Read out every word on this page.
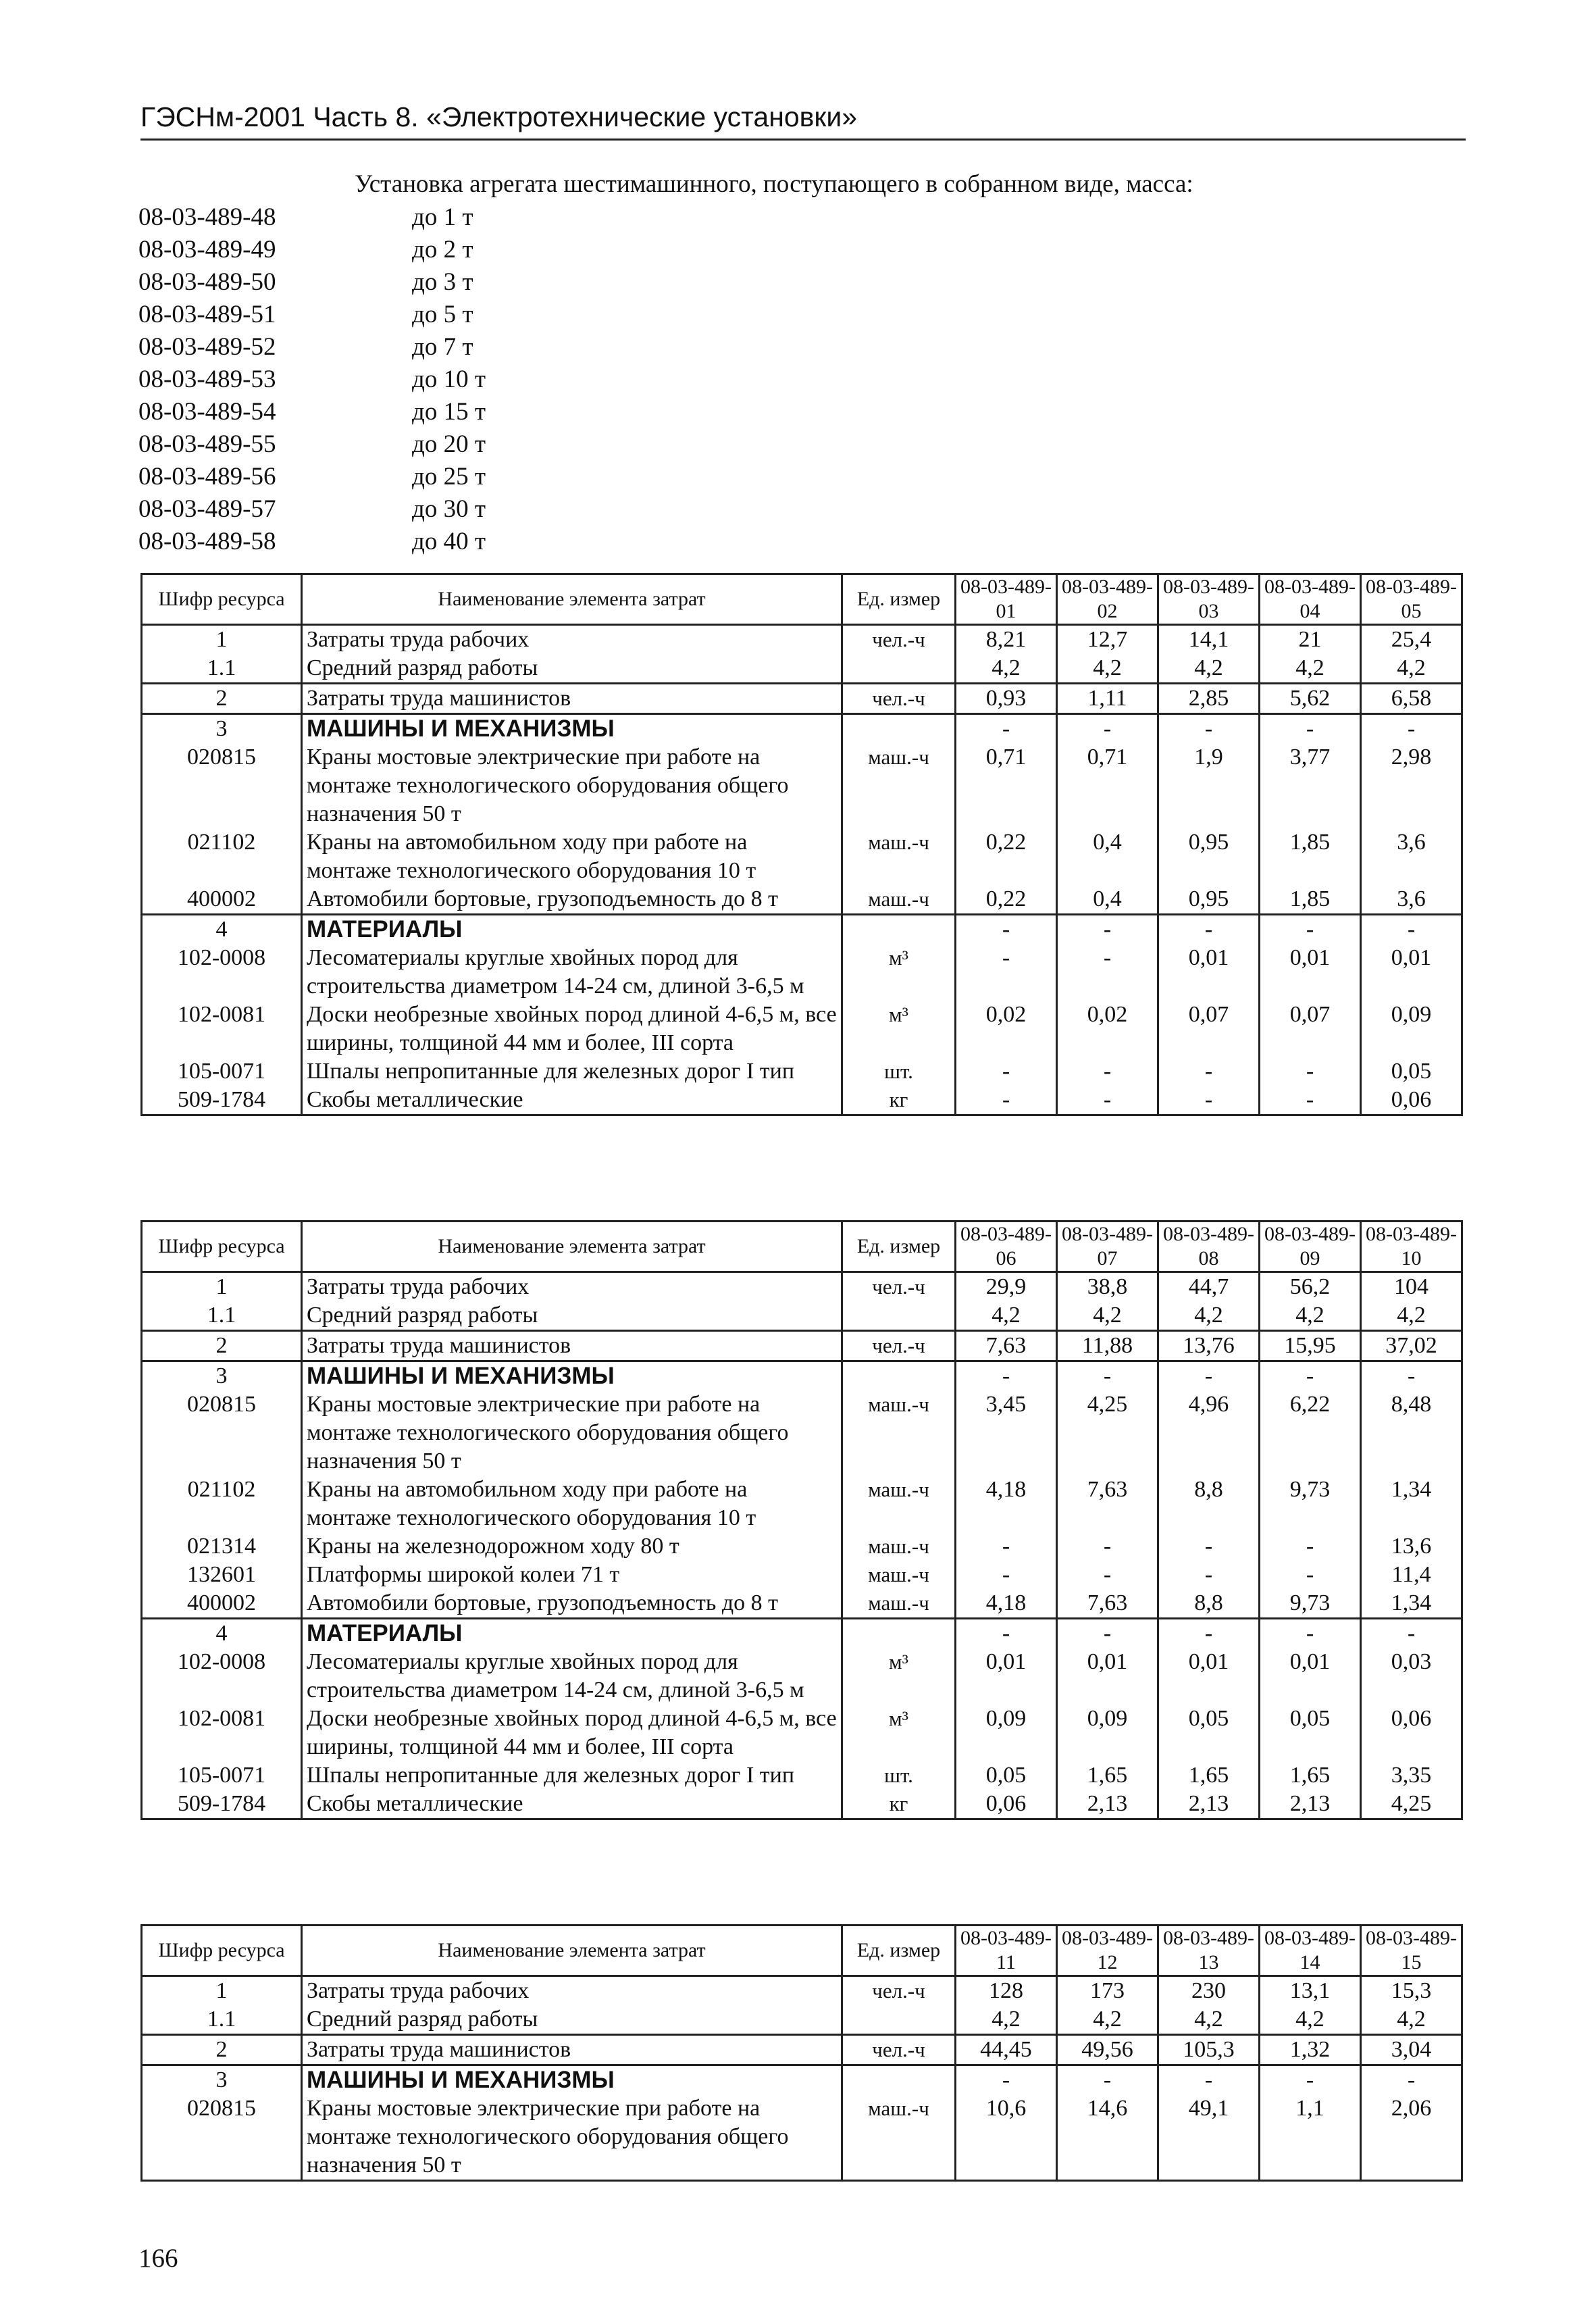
ГЭСНм-2001 Часть 8. «Электротехнические установки»
Установка агрегата шестимашинного, поступающего в собранном виде, масса:
08-03-489-48	до 1 т
08-03-489-49	до 2 т
08-03-489-50	до 3 т
08-03-489-51	до 5 т
08-03-489-52	до 7 т
08-03-489-53	до 10 т
08-03-489-54	до 15 т
08-03-489-55	до 20 т
08-03-489-56	до 25 т
08-03-489-57	до 30 т
08-03-489-58	до 40 т
Шифр ресурса	Наименование элемента затрат	Ед. измер	08-03-489-01	08-03-489-02	08-03-489-03	08-03-489-04	08-03-489-05
1	Затраты труда рабочих	чел.-ч	8,21	12,7	14,1	21	25,4
1.1	Средний разряд работы		4,2	4,2	4,2	4,2	4,2
2	Затраты труда машинистов	чел.-ч	0,93	1,11	2,85	5,62	6,58
3	МАШИНЫ И МЕХАНИЗМЫ		-	-	-	-	-
020815	Краны мостовые электрические при работе на монтаже технологического оборудования общего назначения 50 т	маш.-ч	0,71	0,71	1,9	3,77	2,98
021102	Краны на автомобильном ходу при работе на монтаже технологического оборудования 10 т	маш.-ч	0,22	0,4	0,95	1,85	3,6
400002	Автомобили бортовые, грузоподъемность до 8 т	маш.-ч	0,22	0,4	0,95	1,85	3,6
4	МАТЕРИАЛЫ		-	-	-	-	-
102-0008	Лесоматериалы круглые хвойных пород для строительства диаметром 14-24 см, длиной 3-6,5 м	м³	-	-	0,01	0,01	0,01
102-0081	Доски необрезные хвойных пород длиной 4-6,5 м, все ширины, толщиной 44 мм и более, III сорта	м³	0,02	0,02	0,07	0,07	0,09
105-0071	Шпалы непропитанные для железных дорог I тип	шт.	-	-	-	-	0,05
509-1784	Скобы металлические	кг	-	-	-	-	0,06
Шифр ресурса	Наименование элемента затрат	Ед. измер	08-03-489-06	08-03-489-07	08-03-489-08	08-03-489-09	08-03-489-10
1	Затраты труда рабочих	чел.-ч	29,9	38,8	44,7	56,2	104
1.1	Средний разряд работы		4,2	4,2	4,2	4,2	4,2
2	Затраты труда машинистов	чел.-ч	7,63	11,88	13,76	15,95	37,02
3	МАШИНЫ И МЕХАНИЗМЫ		-	-	-	-	-
020815	Краны мостовые электрические при работе на монтаже технологического оборудования общего назначения 50 т	маш.-ч	3,45	4,25	4,96	6,22	8,48
021102	Краны на автомобильном ходу при работе на монтаже технологического оборудования 10 т	маш.-ч	4,18	7,63	8,8	9,73	1,34
021314	Краны на железнодорожном ходу 80 т	маш.-ч	-	-	-	-	13,6
132601	Платформы широкой колеи 71 т	маш.-ч	-	-	-	-	11,4
400002	Автомобили бортовые, грузоподъемность до 8 т	маш.-ч	4,18	7,63	8,8	9,73	1,34
4	МАТЕРИАЛЫ		-	-	-	-	-
102-0008	Лесоматериалы круглые хвойных пород для строительства диаметром 14-24 см, длиной 3-6,5 м	м³	0,01	0,01	0,01	0,01	0,03
102-0081	Доски необрезные хвойных пород длиной 4-6,5 м, все ширины, толщиной 44 мм и более, III сорта	м³	0,09	0,09	0,05	0,05	0,06
105-0071	Шпалы непропитанные для железных дорог I тип	шт.	0,05	1,65	1,65	1,65	3,35
509-1784	Скобы металлические	кг	0,06	2,13	2,13	2,13	4,25
Шифр ресурса	Наименование элемента затрат	Ед. измер	08-03-489-11	08-03-489-12	08-03-489-13	08-03-489-14	08-03-489-15
1	Затраты труда рабочих	чел.-ч	128	173	230	13,1	15,3
1.1	Средний разряд работы		4,2	4,2	4,2	4,2	4,2
2	Затраты труда машинистов	чел.-ч	44,45	49,56	105,3	1,32	3,04
3	МАШИНЫ И МЕХАНИЗМЫ		-	-	-	-	-
020815	Краны мостовые электрические при работе на монтаже технологического оборудования общего назначения 50 т	маш.-ч	10,6	14,6	49,1	1,1	2,06
166
